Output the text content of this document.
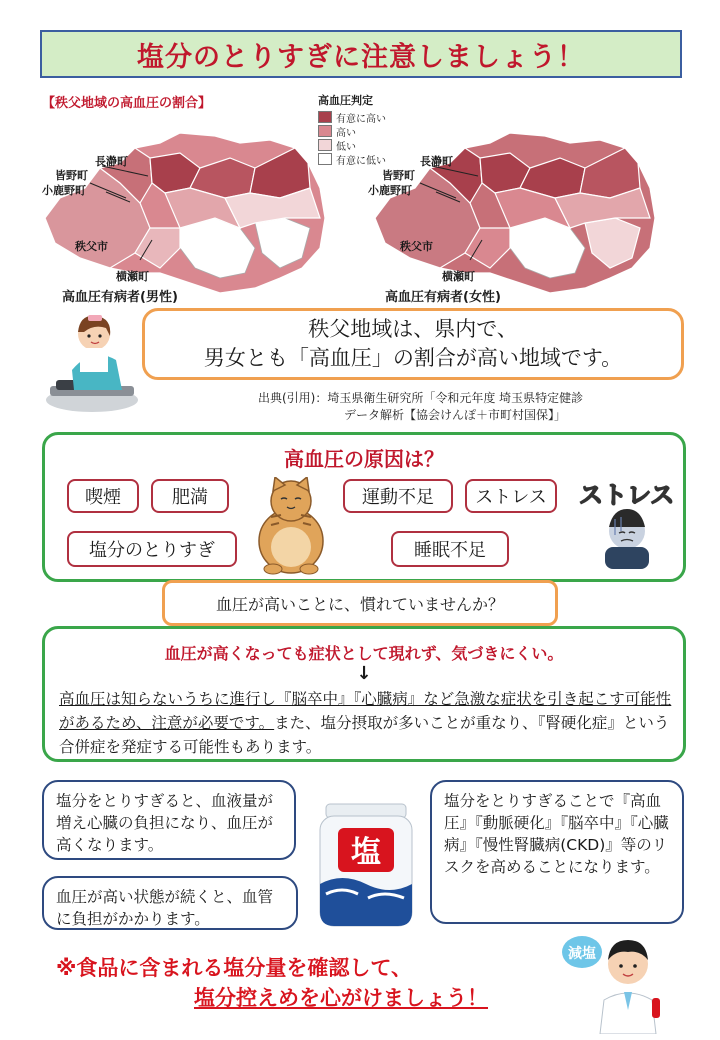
塩分のとりすぎに注意しましょう！
【秩父地域の高血圧の割合】	高血圧判定
有意に高い
高い
低い
有意に低い
長瀞町
皆野町
小鹿野町
秩父市
横瀬町
高血圧有病者(男性)
長瀞町
皆野町
小鹿野町
秩父市
横瀬町
高血圧有病者(女性)
秩父地域は、県内で、
男女とも「高血圧」の割合が高い地域です。
出典(引用)：埼玉県衛生研究所「令和元年度 埼玉県特定健診
データ解析【協会けんぽ＋市町村国保】」
高血圧の原因は？
喫煙	肥満	運動不足	ストレス
塩分のとりすぎ	睡眠不足
ストレス
血圧が高いことに、慣れていませんか？
血圧が高くなっても症状として現れず、気づきにくい。
↓
高血圧は知らないうちに進行し『脳卒中』『心臓病』など急激な症状を引き起こす可能性があるため、注意が必要です。また、塩分摂取が多いことが重なり、『腎硬化症』という合併症を発症する可能性もあります。
塩分をとりすぎると、血液量が増え心臓の負担になり、血圧が高くなります。
血圧が高い状態が続くと、血管に負担がかかります。
塩分をとりすぎることで『高血圧』『動脈硬化』『脳卒中』『心臓病』『慢性腎臓病(CKD)』等のリスクを高めることになります。
塩
※食品に含まれる塩分量を確認して、
塩分控えめを心がけましょう！
減塩
